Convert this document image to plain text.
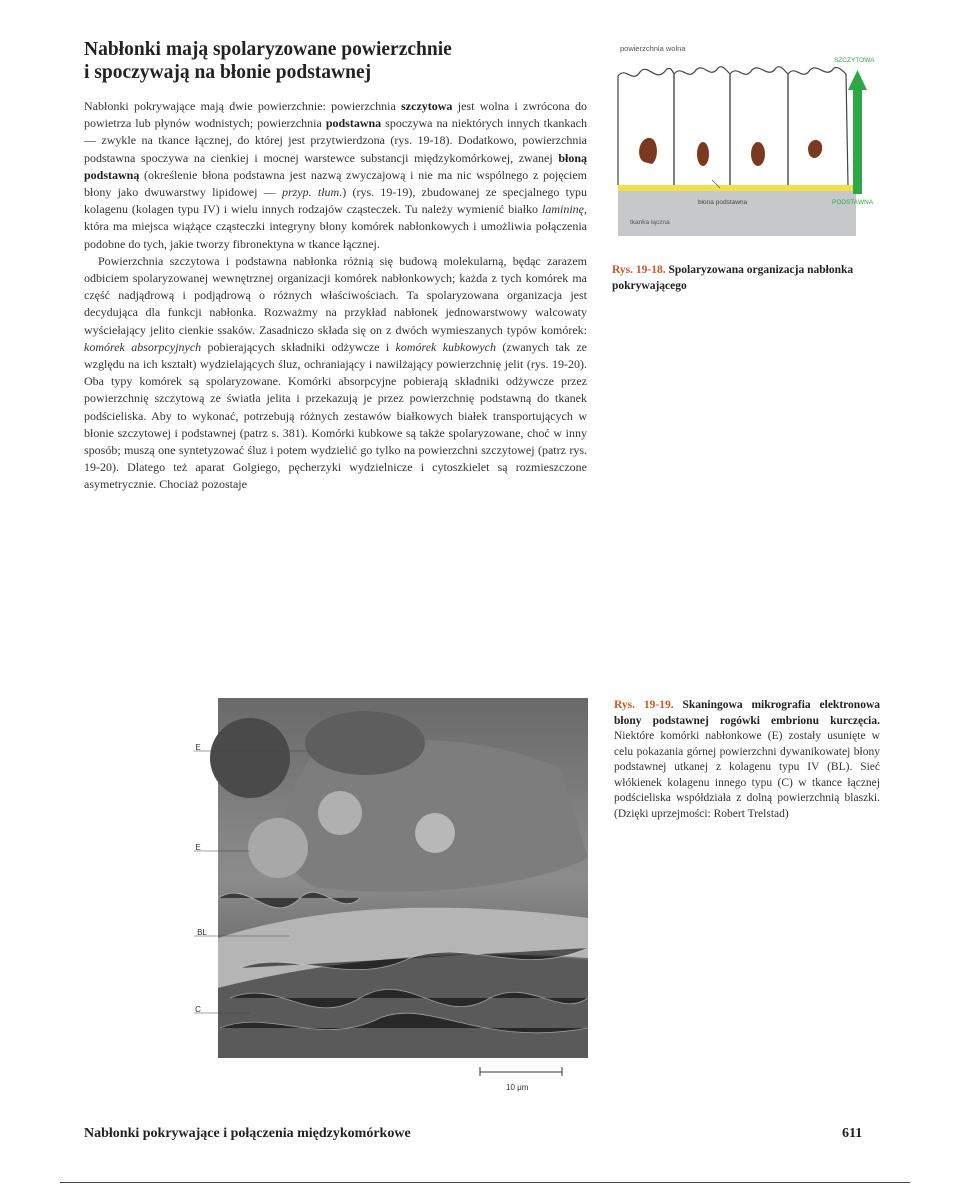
Nabłonki mają spolaryzowane powierzchnie
i spoczywają na błonie podstawnej

Nabłonki pokrywające mają dwie powierzchnie: powierzchnia szczytowa jest wolna i zwrócona do powietrza lub płynów wodnistych; powierzchnia podstawna spoczywa na niektórych innych tkankach — zwykle na tkance łącznej, do której jest przytwierdzona (rys. 19-18). Dodatkowo, powierzchnia podstawna spoczywa na cienkiej i mocnej warstewce substancji międzykomórkowej, zwanej błoną podstawną (określenie błona podstawna jest nazwą zwyczajową i nie ma nic wspólnego z pojęciem błony jako dwuwarstwy lipidowej — przyp. tłum.) (rys. 19-19), zbudowanej ze specjalnego typu kolagenu (kolagen typu IV) i wielu innych rodzajów cząsteczek. Tu należy wymienić białko lamininę, która ma miejsca wiążące cząsteczki integryny błony komórek nabłonkowych i umożliwia połączenia podobne do tych, jakie tworzy fibronektyna w tkance łącznej.

Powierzchnia szczytowa i podstawna nabłonka różnią się budową molekularną, będąc zarazem odbiciem spolaryzowanej wewnętrznej organizacji komórek nabłonkowych; każda z tych komórek ma część nadjądrową i podjądrową o różnych właściwościach. Ta spolaryzowana organizacja jest decydująca dla funkcji nabłonka. Rozważmy na przykład nabłonek jednowarstwowy walcowaty wyściełający jelito cienkie ssaków. Zasadniczo składa się on z dwóch wymieszanych typów komórek: komórek absorpcyjnych pobierających składniki odżywcze i komórek kubkowych (zwanych tak ze względu na ich kształt) wydzielających śluz, ochraniający i nawilżający powierzchnię jelit (rys. 19-20). Oba typy komórek są spolaryzowane. Komórki absorpcyjne pobierają składniki odżywcze przez powierzchnię szczytową ze światła jelita i przekazują je przez powierzchnię podstawną do tkanek podścieliska. Aby to wykonać, potrzebują różnych zestawów białkowych białek transportujących w błonie szczytowej i podstawnej (patrz s. 381). Komórki kubkowe są także spolaryzowane, choć w inny sposób; muszą one syntetyzować śluz i potem wydzielić go tylko na powierzchni szczytowej (patrz rys. 19-20). Dlatego też aparat Golgiego, pęcherzyki wydzielnicze i cytoszkielet są rozmieszczone asymetrycznie. Chociaż pozostaje

powierzchnia wolna
SZCZYTOWA
PODSTAWNA
błona podstawna
tkanka łączna
Rys. 19-18. Spolaryzowana organizacja nabłonka pokrywającego
E
E
BL
C
10 μm
Rys. 19-19. Skaningowa mikrografia elektronowa błony podstawnej rogówki embrionu kurczęcia. Niektóre komórki nabłonkowe (E) zostały usunięte w celu pokazania górnej powierzchni dywanikowatej błony podstawnej utkanej z kolagenu typu IV (BL). Sieć włókienek kolagenu innego typu (C) w tkance łącznej podścieliska współdziała z dolną powierzchnią blaszki. (Dzięki uprzejmości: Robert Trelstad)
Nabłonki pokrywające i połączenia międzykomórkowe	611
